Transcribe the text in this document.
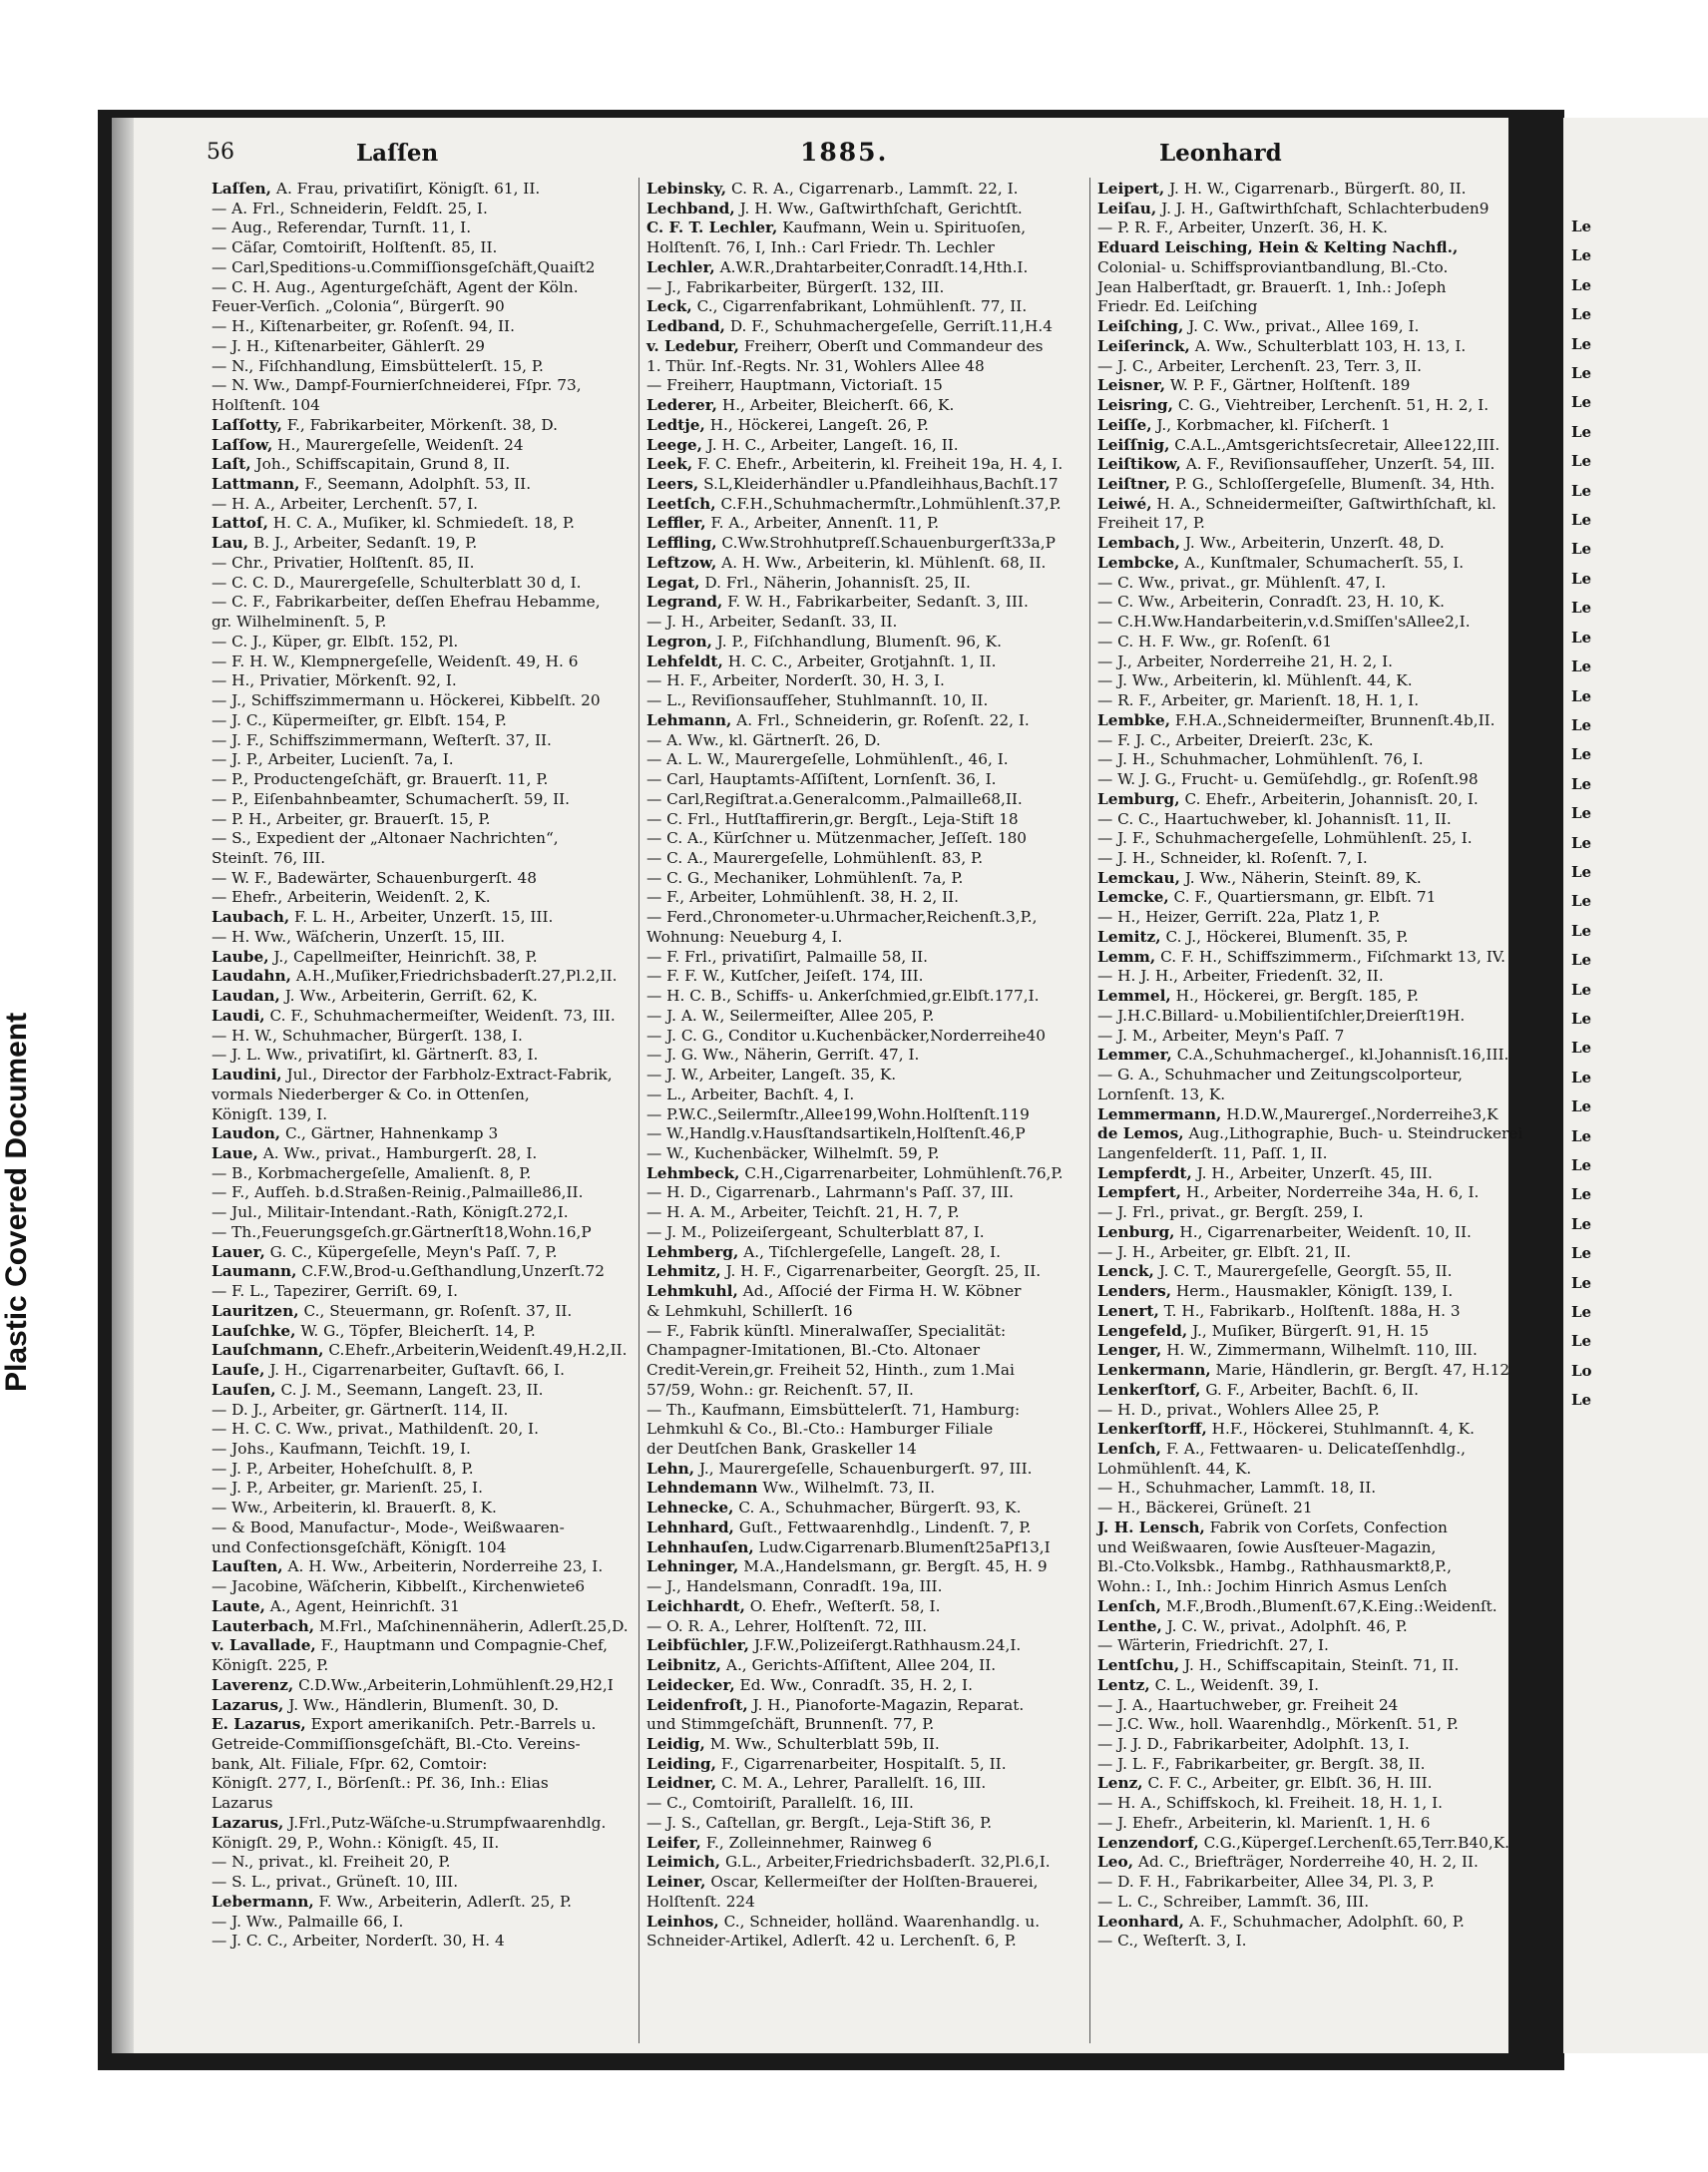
Plastic Covered Document
56	Laſſen	1885.	Leonhard
Laſſen, A. Frau, privatiſirt, Königſt. 61, II.
— A. Frl., Schneiderin, Feldſt. 25, I.
— Aug., Referendar, Turnſt. 11, I.
— Cäſar, Comtoiriſt, Holſtenſt. 85, II.
— Carl,Speditions-u.Commiſſionsgeſchäft,Quaiſt2
— C. H. Aug., Agenturgeſchäft, Agent der Köln.
Feuer-Verſich. „Colonia“, Bürgerſt. 90
— H., Kiſtenarbeiter, gr. Roſenſt. 94, II.
— J. H., Kiſtenarbeiter, Gählerſt. 29
— N., Fiſchhandlung, Eimsbüttelerſt. 15, P.
— N. Ww., Dampf-Fournierſchneiderei, Fſpr. 73,
Holſtenſt. 104
Laſſotty, F., Fabrikarbeiter, Mörkenſt. 38, D.
Laſſow, H., Maurergeſelle, Weidenſt. 24
Laſt, Joh., Schiffscapitain, Grund 8, II.
Lattmann, F., Seemann, Adolphſt. 53, II.
— H. A., Arbeiter, Lerchenſt. 57, I.
Lattoſ, H. C. A., Muſiker, kl. Schmiedeſt. 18, P.
Lau, B. J., Arbeiter, Sedanſt. 19, P.
— Chr., Privatier, Holſtenſt. 85, II.
— C. C. D., Maurergeſelle, Schulterblatt 30 d, I.
— C. F., Fabrikarbeiter, deſſen Ehefrau Hebamme,
gr. Wilhelminenſt. 5, P.
— C. J., Küper, gr. Elbſt. 152, Pl.
— F. H. W., Klempnergeſelle, Weidenſt. 49, H. 6
— H., Privatier, Mörkenſt. 92, I.
— J., Schiffszimmermann u. Höckerei, Kibbelſt. 20
— J. C., Küpermeiſter, gr. Elbſt. 154, P.
— J. F., Schiffszimmermann, Weſterſt. 37, II.
— J. P., Arbeiter, Lucienſt. 7a, I.
— P., Productengeſchäft, gr. Brauerſt. 11, P.
— P., Eiſenbahnbeamter, Schumacherſt. 59, II.
— P. H., Arbeiter, gr. Brauerſt. 15, P.
— S., Expedient der „Altonaer Nachrichten“,
Steinſt. 76, III.
— W. F., Badewärter, Schauenburgerſt. 48
— Ehefr., Arbeiterin, Weidenſt. 2, K.
Laubach, F. L. H., Arbeiter, Unzerſt. 15, III.
— H. Ww., Wäſcherin, Unzerſt. 15, III.
Laube, J., Capellmeiſter, Heinrichſt. 38, P.
Laudahn, A.H.,Muſiker,Friedrichsbaderſt.27,Pl.2,II.
Laudan, J. Ww., Arbeiterin, Gerriſt. 62, K.
Laudi, C. F., Schuhmachermeiſter, Weidenſt. 73, III.
— H. W., Schuhmacher, Bürgerſt. 138, I.
— J. L. Ww., privatiſirt, kl. Gärtnerſt. 83, I.
Laudini, Jul., Director der Farbholz-Extract-Fabrik,
vormals Niederberger & Co. in Ottenſen,
Königſt. 139, I.
Laudon, C., Gärtner, Hahnenkamp 3
Laue, A. Ww., privat., Hamburgerſt. 28, I.
— B., Korbmachergeſelle, Amalienſt. 8, P.
— F., Aufſeh. b.d.Straßen-Reinig.,Palmaille86,II.
— Jul., Militair-Intendant.-Rath, Königſt.272,I.
— Th.,Feuerungsgeſch.gr.Gärtnerſt18,Wohn.16,P
Lauer, G. C., Küpergeſelle, Meyn's Paſſ. 7, P.
Laumann, C.F.W.,Brod-u.Geſthandlung,Unzerſt.72
— F. L., Tapezirer, Gerriſt. 69, I.
Lauritzen, C., Steuermann, gr. Roſenſt. 37, II.
Lauſchke, W. G., Töpfer, Bleicherſt. 14, P.
Lauſchmann, C.Ehefr.,Arbeiterin,Weidenſt.49,H.2,II.
Lauſe, J. H., Cigarrenarbeiter, Guſtavſt. 66, I.
Lauſen, C. J. M., Seemann, Langeſt. 23, II.
— D. J., Arbeiter, gr. Gärtnerſt. 114, II.
— H. C. C. Ww., privat., Mathildenſt. 20, I.
— Johs., Kaufmann, Teichſt. 19, I.
— J. P., Arbeiter, Hoheſchulſt. 8, P.
— J. P., Arbeiter, gr. Marienſt. 25, I.
— Ww., Arbeiterin, kl. Brauerſt. 8, K.
— & Bood, Manufactur-, Mode-, Weißwaaren-
und Confectionsgeſchäft, Königſt. 104
Lauſten, A. H. Ww., Arbeiterin, Norderreihe 23, I.
— Jacobine, Wäſcherin, Kibbelſt., Kirchenwiete6
Laute, A., Agent, Heinrichſt. 31
Lauterbach, M.Frl., Maſchinennäherin, Adlerſt.25,D.
v. Lavallade, F., Hauptmann und Compagnie-Chef,
Königſt. 225, P.
Laverenz, C.D.Ww.,Arbeiterin,Lohmühlenſt.29,H2,I
Lazarus, J. Ww., Händlerin, Blumenſt. 30, D.
E. Lazarus, Export amerikaniſch. Petr.-Barrels u.
Getreide-Commiſſionsgeſchäft, Bl.-Cto. Vereins-
bank, Alt. Filiale, Fſpr. 62, Comtoir:
Königſt. 277, I., Börſenſt.: Pf. 36, Inh.: Elias
Lazarus
Lazarus, J.Frl.,Putz-Wäſche-u.Strumpfwaarenhdlg.
Königſt. 29, P., Wohn.: Königſt. 45, II.
— N., privat., kl. Freiheit 20, P.
— S. L., privat., Grüneſt. 10, III.
Lebermann, F. Ww., Arbeiterin, Adlerſt. 25, P.
— J. Ww., Palmaille 66, I.
— J. C. C., Arbeiter, Norderſt. 30, H. 4
Lebinsky, C. R. A., Cigarrenarb., Lammſt. 22, I.
Lechband, J. H. Ww., Gaſtwirthſchaft, Gerichtſt.
C. F. T. Lechler, Kaufmann, Wein u. Spirituoſen,
Holſtenſt. 76, I, Inh.: Carl Friedr. Th. Lechler
Lechler, A.W.R.,Drahtarbeiter,Conradſt.14,Hth.I.
— J., Fabrikarbeiter, Bürgerſt. 132, III.
Leck, C., Cigarrenfabrikant, Lohmühlenſt. 77, II.
Ledband, D. F., Schuhmachergeſelle, Gerriſt.11,H.4
v. Ledebur, Freiherr, Oberſt und Commandeur des
1. Thür. Inf.-Regts. Nr. 31, Wohlers Allee 48
— Freiherr, Hauptmann, Victoriaſt. 15
Lederer, H., Arbeiter, Bleicherſt. 66, K.
Ledtje, H., Höckerei, Langeſt. 26, P.
Leege, J. H. C., Arbeiter, Langeſt. 16, II.
Leek, F. C. Ehefr., Arbeiterin, kl. Freiheit 19a, H. 4, I.
Leers, S.L,Kleiderhändler u.Pfandleihhaus,Bachſt.17
Leetſch, C.F.H.,Schuhmachermſtr.,Lohmühlenſt.37,P.
Leffler, F. A., Arbeiter, Annenſt. 11, P.
Leffling, C.Ww.Strohhutpreſſ.Schauenburgerſt33a,P
Leftzow, A. H. Ww., Arbeiterin, kl. Mühlenſt. 68, II.
Legat, D. Frl., Näherin, Johannisſt. 25, II.
Legrand, F. W. H., Fabrikarbeiter, Sedanſt. 3, III.
— J. H., Arbeiter, Sedanſt. 33, II.
Legron, J. P., Fiſchhandlung, Blumenſt. 96, K.
Lehfeldt, H. C. C., Arbeiter, Grotjahnſt. 1, II.
— H. F., Arbeiter, Norderſt. 30, H. 3, I.
— L., Reviſionsaufſeher, Stuhlmannſt. 10, II.
Lehmann, A. Frl., Schneiderin, gr. Roſenſt. 22, I.
— A. Ww., kl. Gärtnerſt. 26, D.
— A. L. W., Maurergeſelle, Lohmühlenſt., 46, I.
— Carl, Hauptamts-Aſſiſtent, Lornſenſt. 36, I.
— Carl,Regiſtrat.a.Generalcomm.,Palmaille68,II.
— C. Frl., Hutſtaffirerin,gr. Bergſt., Leja-Stift 18
— C. A., Kürſchner u. Mützenmacher, Jeſſeſt. 180
— C. A., Maurergeſelle, Lohmühlenſt. 83, P.
— C. G., Mechaniker, Lohmühlenſt. 7a, P.
— F., Arbeiter, Lohmühlenſt. 38, H. 2, II.
— Ferd.,Chronometer-u.Uhrmacher,Reichenſt.3,P.,
Wohnung: Neueburg 4, I.
— F. Frl., privatiſirt, Palmaille 58, II.
— F. F. W., Kutſcher, Jeiſeſt. 174, III.
— H. C. B., Schiffs- u. Ankerſchmied,gr.Elbſt.177,I.
— J. A. W., Seilermeiſter, Allee 205, P.
— J. C. G., Conditor u.Kuchenbäcker,Norderreihe40
— J. G. Ww., Näherin, Gerriſt. 47, I.
— J. W., Arbeiter, Langeſt. 35, K.
— L., Arbeiter, Bachſt. 4, I.
— P.W.C.,Seilermſtr.,Allee199,Wohn.Holſtenſt.119
— W.,Handlg.v.Hausſtandsartikeln,Holſtenſt.46,P
— W., Kuchenbäcker, Wilhelmſt. 59, P.
Lehmbeck, C.H.,Cigarrenarbeiter, Lohmühlenſt.76,P.
— H. D., Cigarrenarb., Lahrmann's Paſſ. 37, III.
— H. A. M., Arbeiter, Teichſt. 21, H. 7, P.
— J. M., Polizeiſergeant, Schulterblatt 87, I.
Lehmberg, A., Tiſchlergeſelle, Langeſt. 28, I.
Lehmitz, J. H. F., Cigarrenarbeiter, Georgſt. 25, II.
Lehmkuhl, Ad., Aſſocié der Firma H. W. Köbner
& Lehmkuhl, Schillerſt. 16
— F., Fabrik künſtl. Mineralwaſſer, Specialität:
Champagner-Imitationen, Bl.-Cto. Altonaer
Credit-Verein,gr. Freiheit 52, Hinth., zum 1.Mai
57/59, Wohn.: gr. Reichenſt. 57, II.
— Th., Kaufmann, Eimsbüttelerſt. 71, Hamburg:
Lehmkuhl & Co., Bl.-Cto.: Hamburger Filiale
der Deutſchen Bank, Graskeller 14
Lehn, J., Maurergeſelle, Schauenburgerſt. 97, III.
Lehndemann Ww., Wilhelmſt. 73, II.
Lehnecke, C. A., Schuhmacher, Bürgerſt. 93, K.
Lehnhard, Guſt., Fettwaarenhdlg., Lindenſt. 7, P.
Lehnhauſen, Ludw.Cigarrenarb.Blumenſt25aPf13,I
Lehninger, M.A.,Handelsmann, gr. Bergſt. 45, H. 9
— J., Handelsmann, Conradſt. 19a, III.
Leichhardt, O. Ehefr., Weſterſt. 58, I.
— O. R. A., Lehrer, Holſtenſt. 72, III.
Leibfüchler, J.F.W.,Polizeiſergt.Rathhausm.24,I.
Leibnitz, A., Gerichts-Aſſiſtent, Allee 204, II.
Leidecker, Ed. Ww., Conradſt. 35, H. 2, I.
Leidenfroſt, J. H., Pianoforte-Magazin, Reparat.
und Stimmgeſchäft, Brunnenſt. 77, P.
Leidig, M. Ww., Schulterblatt 59b, II.
Leiding, F., Cigarrenarbeiter, Hospitalſt. 5, II.
Leidner, C. M. A., Lehrer, Parallelſt. 16, III.
— C., Comtoiriſt, Parallelſt. 16, III.
— J. S., Caſtellan, gr. Bergſt., Leja-Stift 36, P.
Leifer, F., Zolleinnehmer, Rainweg 6
Leimich, G.L., Arbeiter,Friedrichsbaderſt. 32,Pl.6,I.
Leiner, Oscar, Kellermeiſter der Holſten-Brauerei,
Holſtenſt. 224
Leinhos, C., Schneider, holländ. Waarenhandlg. u.
Schneider-Artikel, Adlerſt. 42 u. Lerchenſt. 6, P.
Leipert, J. H. W., Cigarrenarb., Bürgerſt. 80, II.
Leiſau, J. J. H., Gaſtwirthſchaft, Schlachterbuden9
— P. R. F., Arbeiter, Unzerſt. 36, H. K.
Eduard Leisching, Hein & Kelting Nachfl.,
Colonial- u. Schiffsproviantbandlung, Bl.-Cto.
Jean Halberſtadt, gr. Brauerſt. 1, Inh.: Joſeph
Friedr. Ed. Leiſching
Leiſching, J. C. Ww., privat., Allee 169, I.
Leiſerinck, A. Ww., Schulterblatt 103, H. 13, I.
— J. C., Arbeiter, Lerchenſt. 23, Terr. 3, II.
Leisner, W. P. F., Gärtner, Holſtenſt. 189
Leisring, C. G., Viehtreiber, Lerchenſt. 51, H. 2, I.
Leiſſe, J., Korbmacher, kl. Fiſcherſt. 1
Leiſſnig, C.A.L.,Amtsgerichtsſecretair, Allee122,III.
Leiſtikow, A. F., Reviſionsaufſeher, Unzerſt. 54, III.
Leiſtner, P. G., Schloſſergeſelle, Blumenſt. 34, Hth.
Leiwé, H. A., Schneidermeiſter, Gaſtwirthſchaft, kl.
Freiheit 17, P.
Lembach, J. Ww., Arbeiterin, Unzerſt. 48, D.
Lembcke, A., Kunſtmaler, Schumacherſt. 55, I.
— C. Ww., privat., gr. Mühlenſt. 47, I.
— C. Ww., Arbeiterin, Conradſt. 23, H. 10, K.
— C.H.Ww.Handarbeiterin,v.d.Smiſſen'sAllee2,I.
— C. H. F. Ww., gr. Roſenſt. 61
— J., Arbeiter, Norderreihe 21, H. 2, I.
— J. Ww., Arbeiterin, kl. Mühlenſt. 44, K.
— R. F., Arbeiter, gr. Marienſt. 18, H. 1, I.
Lembke, F.H.A.,Schneidermeiſter, Brunnenſt.4b,II.
— F. J. C., Arbeiter, Dreierſt. 23c, K.
— J. H., Schuhmacher, Lohmühlenſt. 76, I.
— W. J. G., Frucht- u. Gemüſehdlg., gr. Roſenſt.98
Lemburg, C. Ehefr., Arbeiterin, Johannisſt. 20, I.
— C. C., Haartuchweber, kl. Johannisſt. 11, II.
— J. F., Schuhmachergeſelle, Lohmühlenſt. 25, I.
— J. H., Schneider, kl. Roſenſt. 7, I.
Lemckau, J. Ww., Näherin, Steinſt. 89, K.
Lemcke, C. F., Quartiersmann, gr. Elbſt. 71
— H., Heizer, Gerriſt. 22a, Platz 1, P.
Lemitz, C. J., Höckerei, Blumenſt. 35, P.
Lemm, C. F. H., Schiffszimmerm., Fiſchmarkt 13, IV.
— H. J. H., Arbeiter, Friedenſt. 32, II.
Lemmel, H., Höckerei, gr. Bergſt. 185, P.
— J.H.C.Billard- u.Mobilientiſchler,Dreierſt19H.
— J. M., Arbeiter, Meyn's Paſſ. 7
Lemmer, C.A.,Schuhmachergeſ., kl.Johannisſt.16,III.
— G. A., Schuhmacher und Zeitungscolporteur,
Lornſenſt. 13, K.
Lemmermann, H.D.W.,Maurergeſ.,Norderreihe3,K
de Lemos, Aug.,Lithographie, Buch- u. Steindruckerei
Langenfelderſt. 11, Paſſ. 1, II.
Lempferdt, J. H., Arbeiter, Unzerſt. 45, III.
Lempfert, H., Arbeiter, Norderreihe 34a, H. 6, I.
— J. Frl., privat., gr. Bergſt. 259, I.
Lenburg, H., Cigarrenarbeiter, Weidenſt. 10, II.
— J. H., Arbeiter, gr. Elbſt. 21, II.
Lenck, J. C. T., Maurergeſelle, Georgſt. 55, II.
Lenders, Herm., Hausmakler, Königſt. 139, I.
Lenert, T. H., Fabrikarb., Holſtenſt. 188a, H. 3
Lengefeld, J., Muſiker, Bürgerſt. 91, H. 15
Lenger, H. W., Zimmermann, Wilhelmſt. 110, III.
Lenkermann, Marie, Händlerin, gr. Bergſt. 47, H.12
Lenkerſtorf, G. F., Arbeiter, Bachſt. 6, II.
— H. D., privat., Wohlers Allee 25, P.
Lenkerſtorff, H.F., Höckerei, Stuhlmannſt. 4, K.
Lenſch, F. A., Fettwaaren- u. Delicateſſenhdlg.,
Lohmühlenſt. 44, K.
— H., Schuhmacher, Lammſt. 18, II.
— H., Bäckerei, Grüneſt. 21
J. H. Lensch, Fabrik von Corſets, Confection
und Weißwaaren, ſowie Ausſteuer-Magazin,
Bl.-Cto.Volksbk., Hambg., Rathhausmarkt8,P.,
Wohn.: I., Inh.: Jochim Hinrich Asmus Lenſch
Lenſch, M.F.,Brodh.,Blumenſt.67,K.Eing.:Weidenſt.
Lenthe, J. C. W., privat., Adolphſt. 46, P.
— Wärterin, Friedrichſt. 27, I.
Lentſchu, J. H., Schiffscapitain, Steinſt. 71, II.
Lentz, C. L., Weidenſt. 39, I.
— J. A., Haartuchweber, gr. Freiheit 24
— J.C. Ww., holl. Waarenhdlg., Mörkenſt. 51, P.
— J. J. D., Fabrikarbeiter, Adolphſt. 13, I.
— J. L. F., Fabrikarbeiter, gr. Bergſt. 38, II.
Lenz, C. F. C., Arbeiter, gr. Elbſt. 36, H. III.
— H. A., Schiffskoch, kl. Freiheit. 18, H. 1, I.
— J. Ehefr., Arbeiterin, kl. Marienſt. 1, H. 6
Lenzendorf, C.G.,Küpergeſ.Lerchenſt.65,Terr.B40,K.
Leo, Ad. C., Briefträger, Norderreihe 40, H. 2, II.
— D. F. H., Fabrikarbeiter, Allee 34, Pl. 3, P.
— L. C., Schreiber, Lammſt. 36, III.
Leonhard, A. F., Schuhmacher, Adolphſt. 60, P.
— C., Weſterſt. 3, I.
Le
Le
Le
Le
Le
Le
Le
Le
Le
Le
Le
Le
Le
Le
Le
Le
Le
Le
Le
Le
Le
Le
Le
Le
Le
Le
Le
Le
Le
Le
Le
Le
Le
Le
Le
Le
Le
Le
Le
Lo
Le
